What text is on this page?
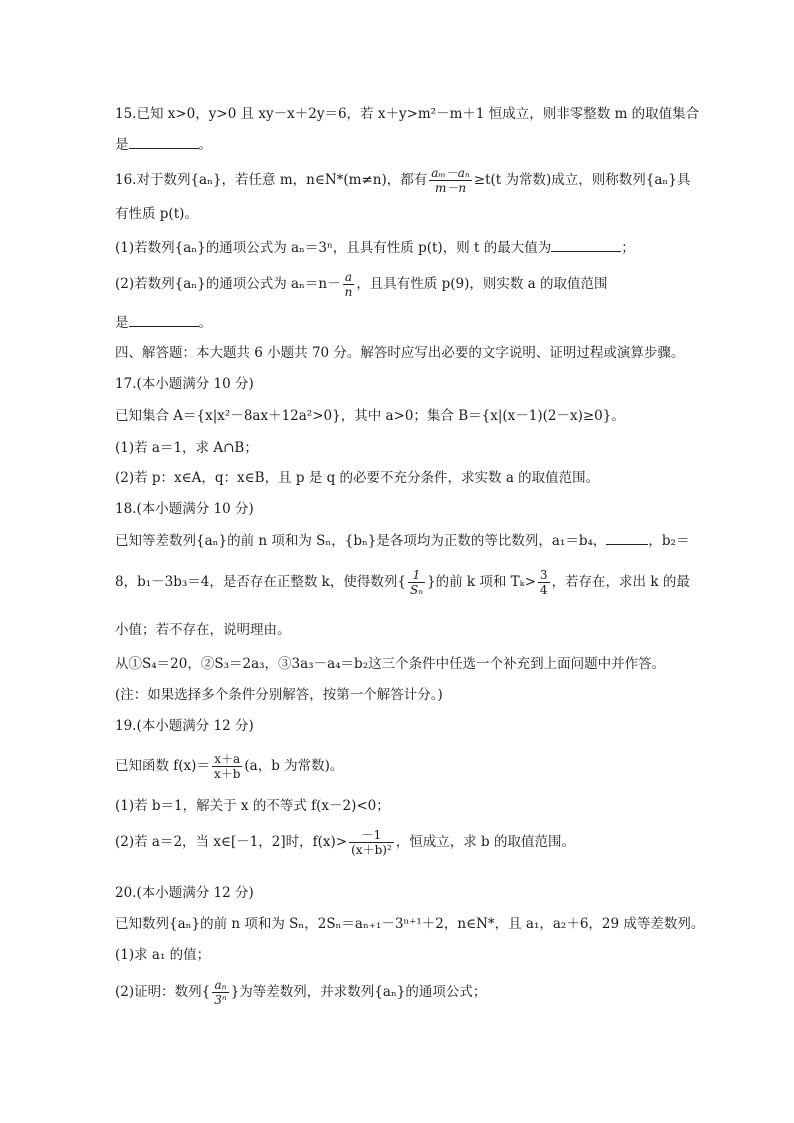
15.已知 x>0，y>0 且 xy－x＋2y＝6，若 x＋y>m²－m＋1 恒成立，则非零整数 m 的取值集合
是	。
16.对于数列{aₙ}，若任意 m，n∈N*(m≠n)，都有 $\frac{\text{aₘ－aₙ}}{m-n} \ge t(t$ 为常数)成立，则称数列{aₙ}具
有性质 p(t)。
(1)若数列{aₙ}的通项公式为 aₙ＝3ⁿ，且具有性质 p(t)，则 t 的最大值为	；
(2)若数列{aₙ}的通项公式为 $a_n=n- \frac{a}{n}$ ，且具有性质 p(9)，则实数 a 的取值范围
是	。
四、解答题：本大题共 6 小题共 70 分。解答时应写出必要的文字说明、证明过程或演算步骤。
17.(本小题满分 10 分)
已知集合 A＝{x|x²－8ax＋12a²>0}，其中 a>0；集合 B＝{x|(x－1)(2－x)≥0}。
(1)若 a＝1，求 A∩B；
(2)若 p：x∈A，q：x∈B，且 p 是 q 的必要不充分条件，求实数 a 的取值范围。
18.(本小题满分 10 分)
已知等差数列{aₙ}的前 n 项和为 Sₙ，{bₙ}是各项均为正数的等比数列，a₁＝b₄，	，b₂＝
8，b₁－3b₃＝4，是否存在正整数 k，使得数列{ $\frac{1}{\text{Sₙ}}$ }的前 k 项和 $T_k> \frac{3}{4}$ ，若存在，求出 k 的最
小值；若不存在，说明理由。
从①S₄＝20，②S₃＝2a₃，③3a₃－a₄＝b₂这三个条件中任选一个补充到上面问题中并作答。
(注：如果选择多个条件分别解答，按第一个解答计分。)
19.(本小题满分 12 分)
已知函数 $f(x)= \frac{x+a}{x+b} (a$，b 为常数)。
(1)若 b＝1，解关于 x 的不等式 f(x－2)<0；
(2)若 a＝2，当 x∈[－1，2]时，$f(x)> \frac{-1}{\text{(x＋b)²}}$ ，恒成立，求 b 的取值范围。
20.(本小题满分 12 分)
已知数列{aₙ}的前 n 项和为 Sₙ，2Sₙ＝aₙ₊₁－3ⁿ⁺¹＋2，n∈N*，且 a₁，a₂＋6，29 成等差数列。
(1)求 a₁ 的值；
(2)证明：数列{ $\frac{\text{aₙ}}{\text{3ⁿ}}$ }为等差数列，并求数列{aₙ}的通项公式；
